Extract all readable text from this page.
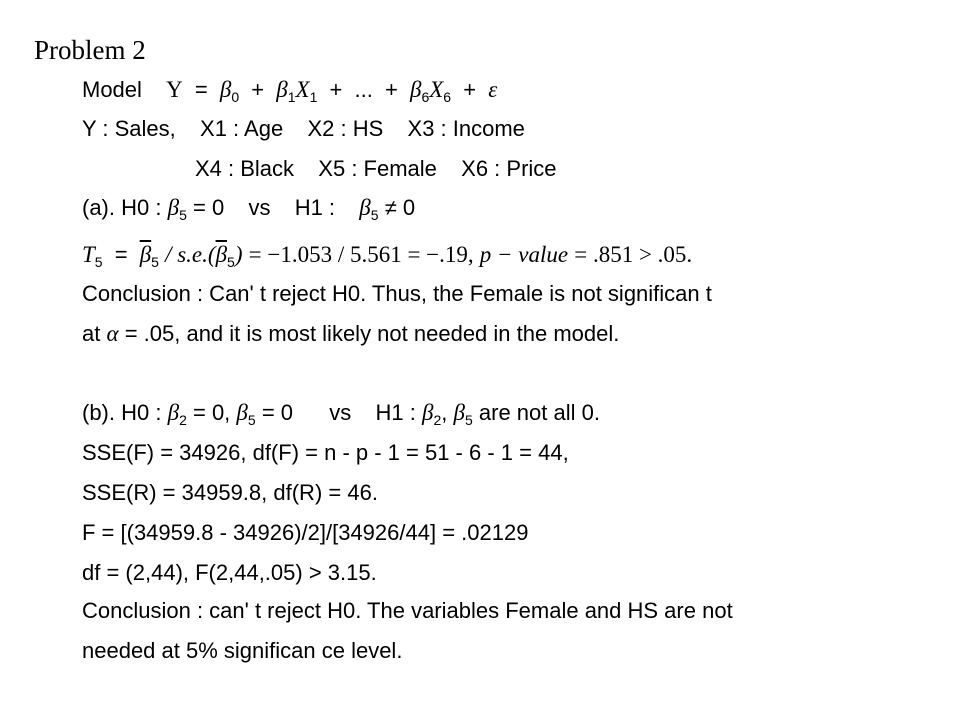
Problem 2
Model $Y = \beta_0 + \beta_1X_1$ + ... + $\beta_6X_6 + \varepsilon$
Y : Sales, X1 : Age X2 : HS X3 : Income
X4 : Black X5 : Female X6 : Price
(a). H0 : $\beta_5 = 0$ vs H1 : $\beta_5 \ne 0$
$T_5 = \overline{\beta}_5 / s.e.(\overline{\beta}_5) = -1.053 / 5.561 = -.19$, p − value = .851 > .05.
Conclusion : Can' t reject H0. Thus, the Female is not significan t
at α = .05, and it is most likely not needed in the model.
(b). H0 : $\beta_2 = 0$, $\beta_5 = 0$ vs H1 : $\beta_2$, $\beta_5$ are not all 0.
SSE(F) = 34926, df(F) = n - p - 1 = 51 - 6 - 1 = 44,
SSE(R) = 34959.8, df(R) = 46.
F = [(34959.8 - 34926)/2]/[34926/44] = .02129
df = (2,44), F(2,44,.05) > 3.15.
Conclusion : can' t reject H0. The variables Female and HS are not
needed at 5% significan ce level.
